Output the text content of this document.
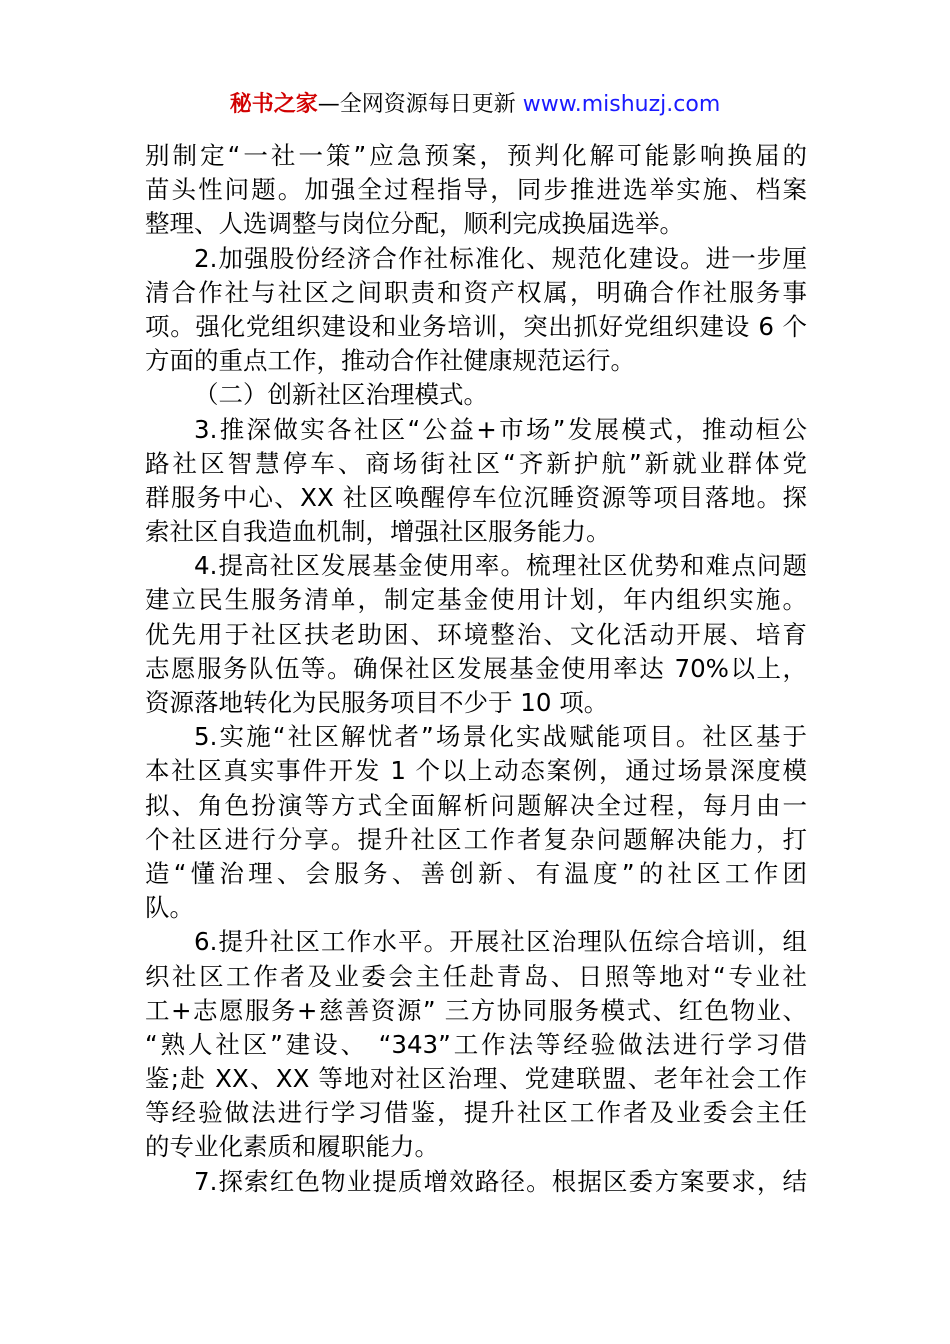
秘书之家—全网资源每日更新 www.mishuzj.com
别制定“一社一策”应急预案，预判化解可能影响换届的
苗头性问题。加强全过程指导，同步推进选举实施、档案
整理、人选调整与岗位分配，顺利完成换届选举。
2.加强股份经济合作社标准化、规范化建设。进一步厘
清合作社与社区之间职责和资产权属，明确合作社服务事
项。强化党组织建设和业务培训，突出抓好党组织建设 6 个
方面的重点工作，推动合作社健康规范运行。
（二）创新社区治理模式。
3.推深做实各社区“公益+市场”发展模式，推动桓公
路社区智慧停车、商场街社区“齐新护航”新就业群体党
群服务中心、XX 社区唤醒停车位沉睡资源等项目落地。探
索社区自我造血机制，增强社区服务能力。
4.提高社区发展基金使用率。梳理社区优势和难点问题
建立民生服务清单，制定基金使用计划，年内组织实施。
优先用于社区扶老助困、环境整治、文化活动开展、培育
志愿服务队伍等。确保社区发展基金使用率达 70%以上，
资源落地转化为民服务项目不少于 10 项。
5.实施“社区解忧者”场景化实战赋能项目。社区基于
本社区真实事件开发 1 个以上动态案例，通过场景深度模
拟、角色扮演等方式全面解析问题解决全过程，每月由一
个社区进行分享。提升社区工作者复杂问题解决能力，打
造“懂治理、会服务、善创新、有温度”的社区工作团
队。
6.提升社区工作水平。开展社区治理队伍综合培训，组
织社区工作者及业委会主任赴青岛、日照等地对“专业社
工+志愿服务+慈善资源” 三方协同服务模式、红色物业、
“熟人社区”建设、 “343”工作法等经验做法进行学习借
鉴;赴 XX、XX 等地对社区治理、党建联盟、老年社会工作
等经验做法进行学习借鉴，提升社区工作者及业委会主任
的专业化素质和履职能力。
7.探索红色物业提质增效路径。根据区委方案要求，结
